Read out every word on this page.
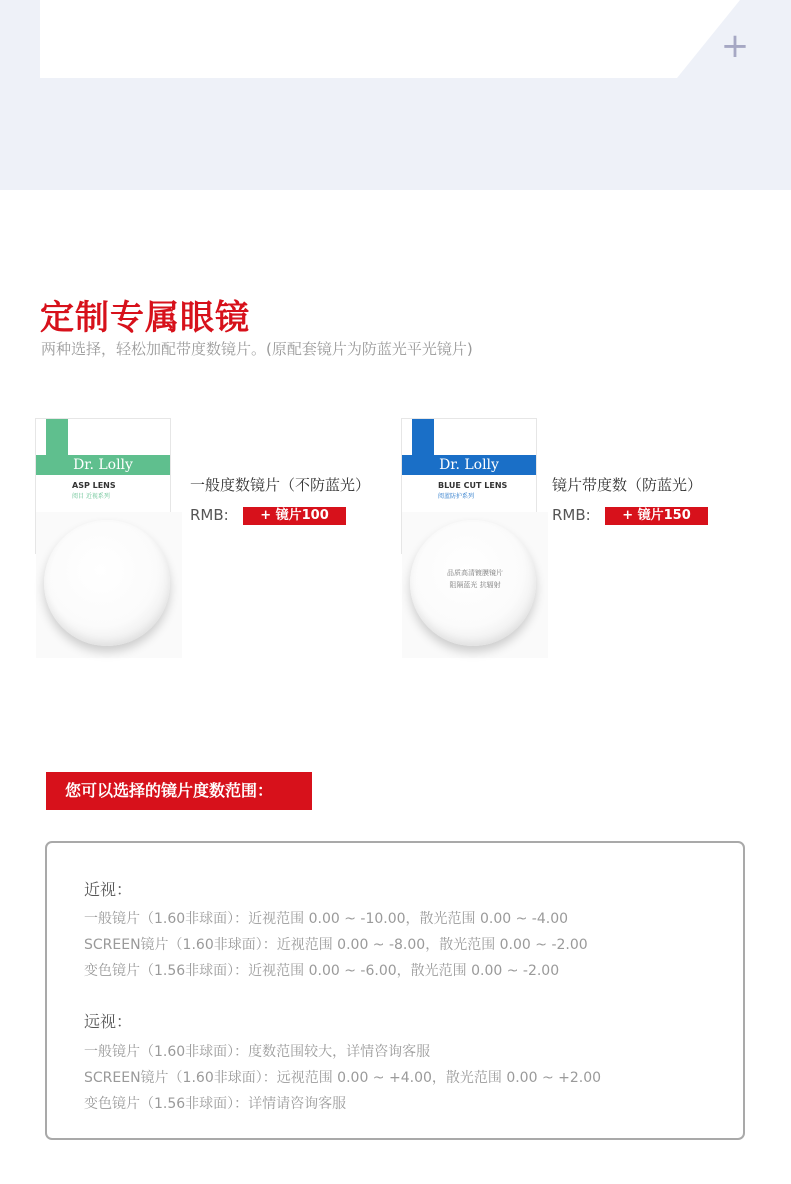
+
定制专属眼镜
两种选择，轻松加配带度数镜片。(原配套镜片为防蓝光平光镜片)
Dr. Lolly
ASP LENS
阅目 近视系列
一般度数镜片（不防蓝光）
RMB:	+ 镜片100
Dr. Lolly
BLUE CUT LENS
阅蓝防护系列
品质高清镀膜镜片
阻隔蓝光 抗辐射
镜片带度数（防蓝光）
RMB:	+ 镜片150
您可以选择的镜片度数范围：
近视：
一般镜片（1.60非球面）：近视范围 0.00 ~ -10.00，散光范围 0.00 ~ -4.00
SCREEN镜片（1.60非球面）：近视范围 0.00 ~ -8.00，散光范围 0.00 ~ -2.00
变色镜片（1.56非球面）：近视范围 0.00 ~ -6.00，散光范围 0.00 ~ -2.00
远视：
一般镜片（1.60非球面）：度数范围较大，详情咨询客服
SCREEN镜片（1.60非球面）：远视范围 0.00 ~ +4.00，散光范围 0.00 ~ +2.00
变色镜片（1.56非球面）：详情请咨询客服
